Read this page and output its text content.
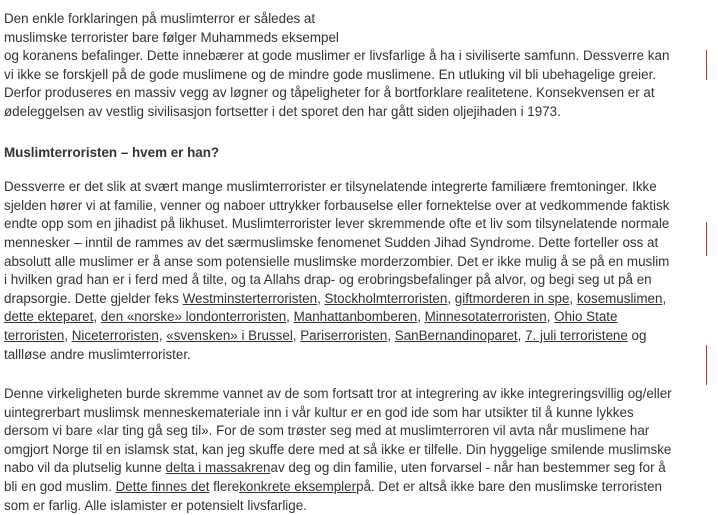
Den enkle forklaringen på muslimterror er således at
muslimske terrorister bare følger Muhammeds eksempel
og koranens befalinger. Dette innebærer at gode muslimer er livsfarlige å ha i siviliserte samfunn. Dessverre kan
vi ikke se forskjell på de gode muslimene og de mindre gode muslimene. En utluking vil bli ubehagelige greier.
Derfor produseres en massiv vegg av løgner og tåpeligheter for å bortforklare realitetene. Konsekvensen er at
ødeleggelsen av vestlig sivilisasjon fortsetter i det sporet den har gått siden oljejihaden i 1973.
Muslimterroristen – hvem er han?
Dessverre er det slik at svært mange muslimterrorister er tilsynelatende integrerte familiære fremtoninger. Ikke
sjelden hører vi at familie, venner og naboer uttrykker forbauselse eller fornektelse over at vedkommende faktisk
endte opp som en jihadist på likhuset. Muslimterrorister lever skremmende ofte et liv som tilsynelatende normale
mennesker – inntil de rammes av det særmuslimske fenomenet Sudden Jihad Syndrome. Dette forteller oss at
absolutt alle muslimer er å anse som potensielle muslimske morderzombier. Det er ikke mulig å se på en muslim
i hvilken grad han er i ferd med å tilte, og ta Allahs drap- og erobringsbefalinger på alvor, og begi seg ut på en
drapsorgie. Dette gjelder feks Westminsterterroristen, Stockholmterroristen, giftmorderen in spe, kosemuslimen,
dette ekteparet, den «norske» londonterroristen, Manhattanbomberen, Minnesotaterroristen, Ohio State
terroristen, Niceterroristen, «svensken» i Brussel, Pariserroristen, SanBernandinoparet, 7. juli terroristene og
tallløse andre muslimterrorister.
Denne virkeligheten burde skremme vannet av de som fortsatt tror at integrering av ikke integreringsvillig og/eller
uintegrerbart muslimsk menneskemateriale inn i vår kultur er en god ide som har utsikter til å kunne lykkes
dersom vi bare «lar ting gå seg til». For de som trøster seg med at muslimterroren vil avta når muslimene har
omgjort Norge til en islamsk stat, kan jeg skuffe dere med at så ikke er tilfelle. Din hyggelige smilende muslimske
nabo vil da plutselig kunne delta i massakrenav deg og din familie, uten forvarsel - når han bestemmer seg for å
bli en god muslim. Dette finnes det flerekonkrete eksemplerpå. Det er altså ikke bare den muslimske terroristen
som er farlig. Alle islamister er potensielt livsfarlige.
